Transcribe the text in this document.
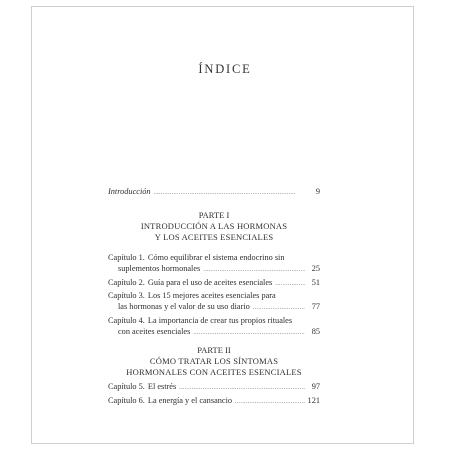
ÍNDICE
Introducción . . .	9
PARTE I
INTRODUCCIÓN A LAS HORMONAS
Y LOS ACEITES ESENCIALES
Capítulo 1. Cómo equilibrar el sistema endocrino sin
suplementos hormonales . . .	25
Capítulo 2. Guía para el uso de aceites esenciales . . .	51
Capítulo 3. Los 15 mejores aceites esenciales para
las hormonas y el valor de su uso diario . . .	77
Capítulo 4. La importancia de crear tus propios rituales
con aceites esenciales . . .	85
PARTE II
CÓMO TRATAR LOS SÍNTOMAS
HORMONALES CON ACEITES ESENCIALES
Capítulo 5. El estrés . . .	97
Capítulo 6. La energía y el cansancio . . .	121
